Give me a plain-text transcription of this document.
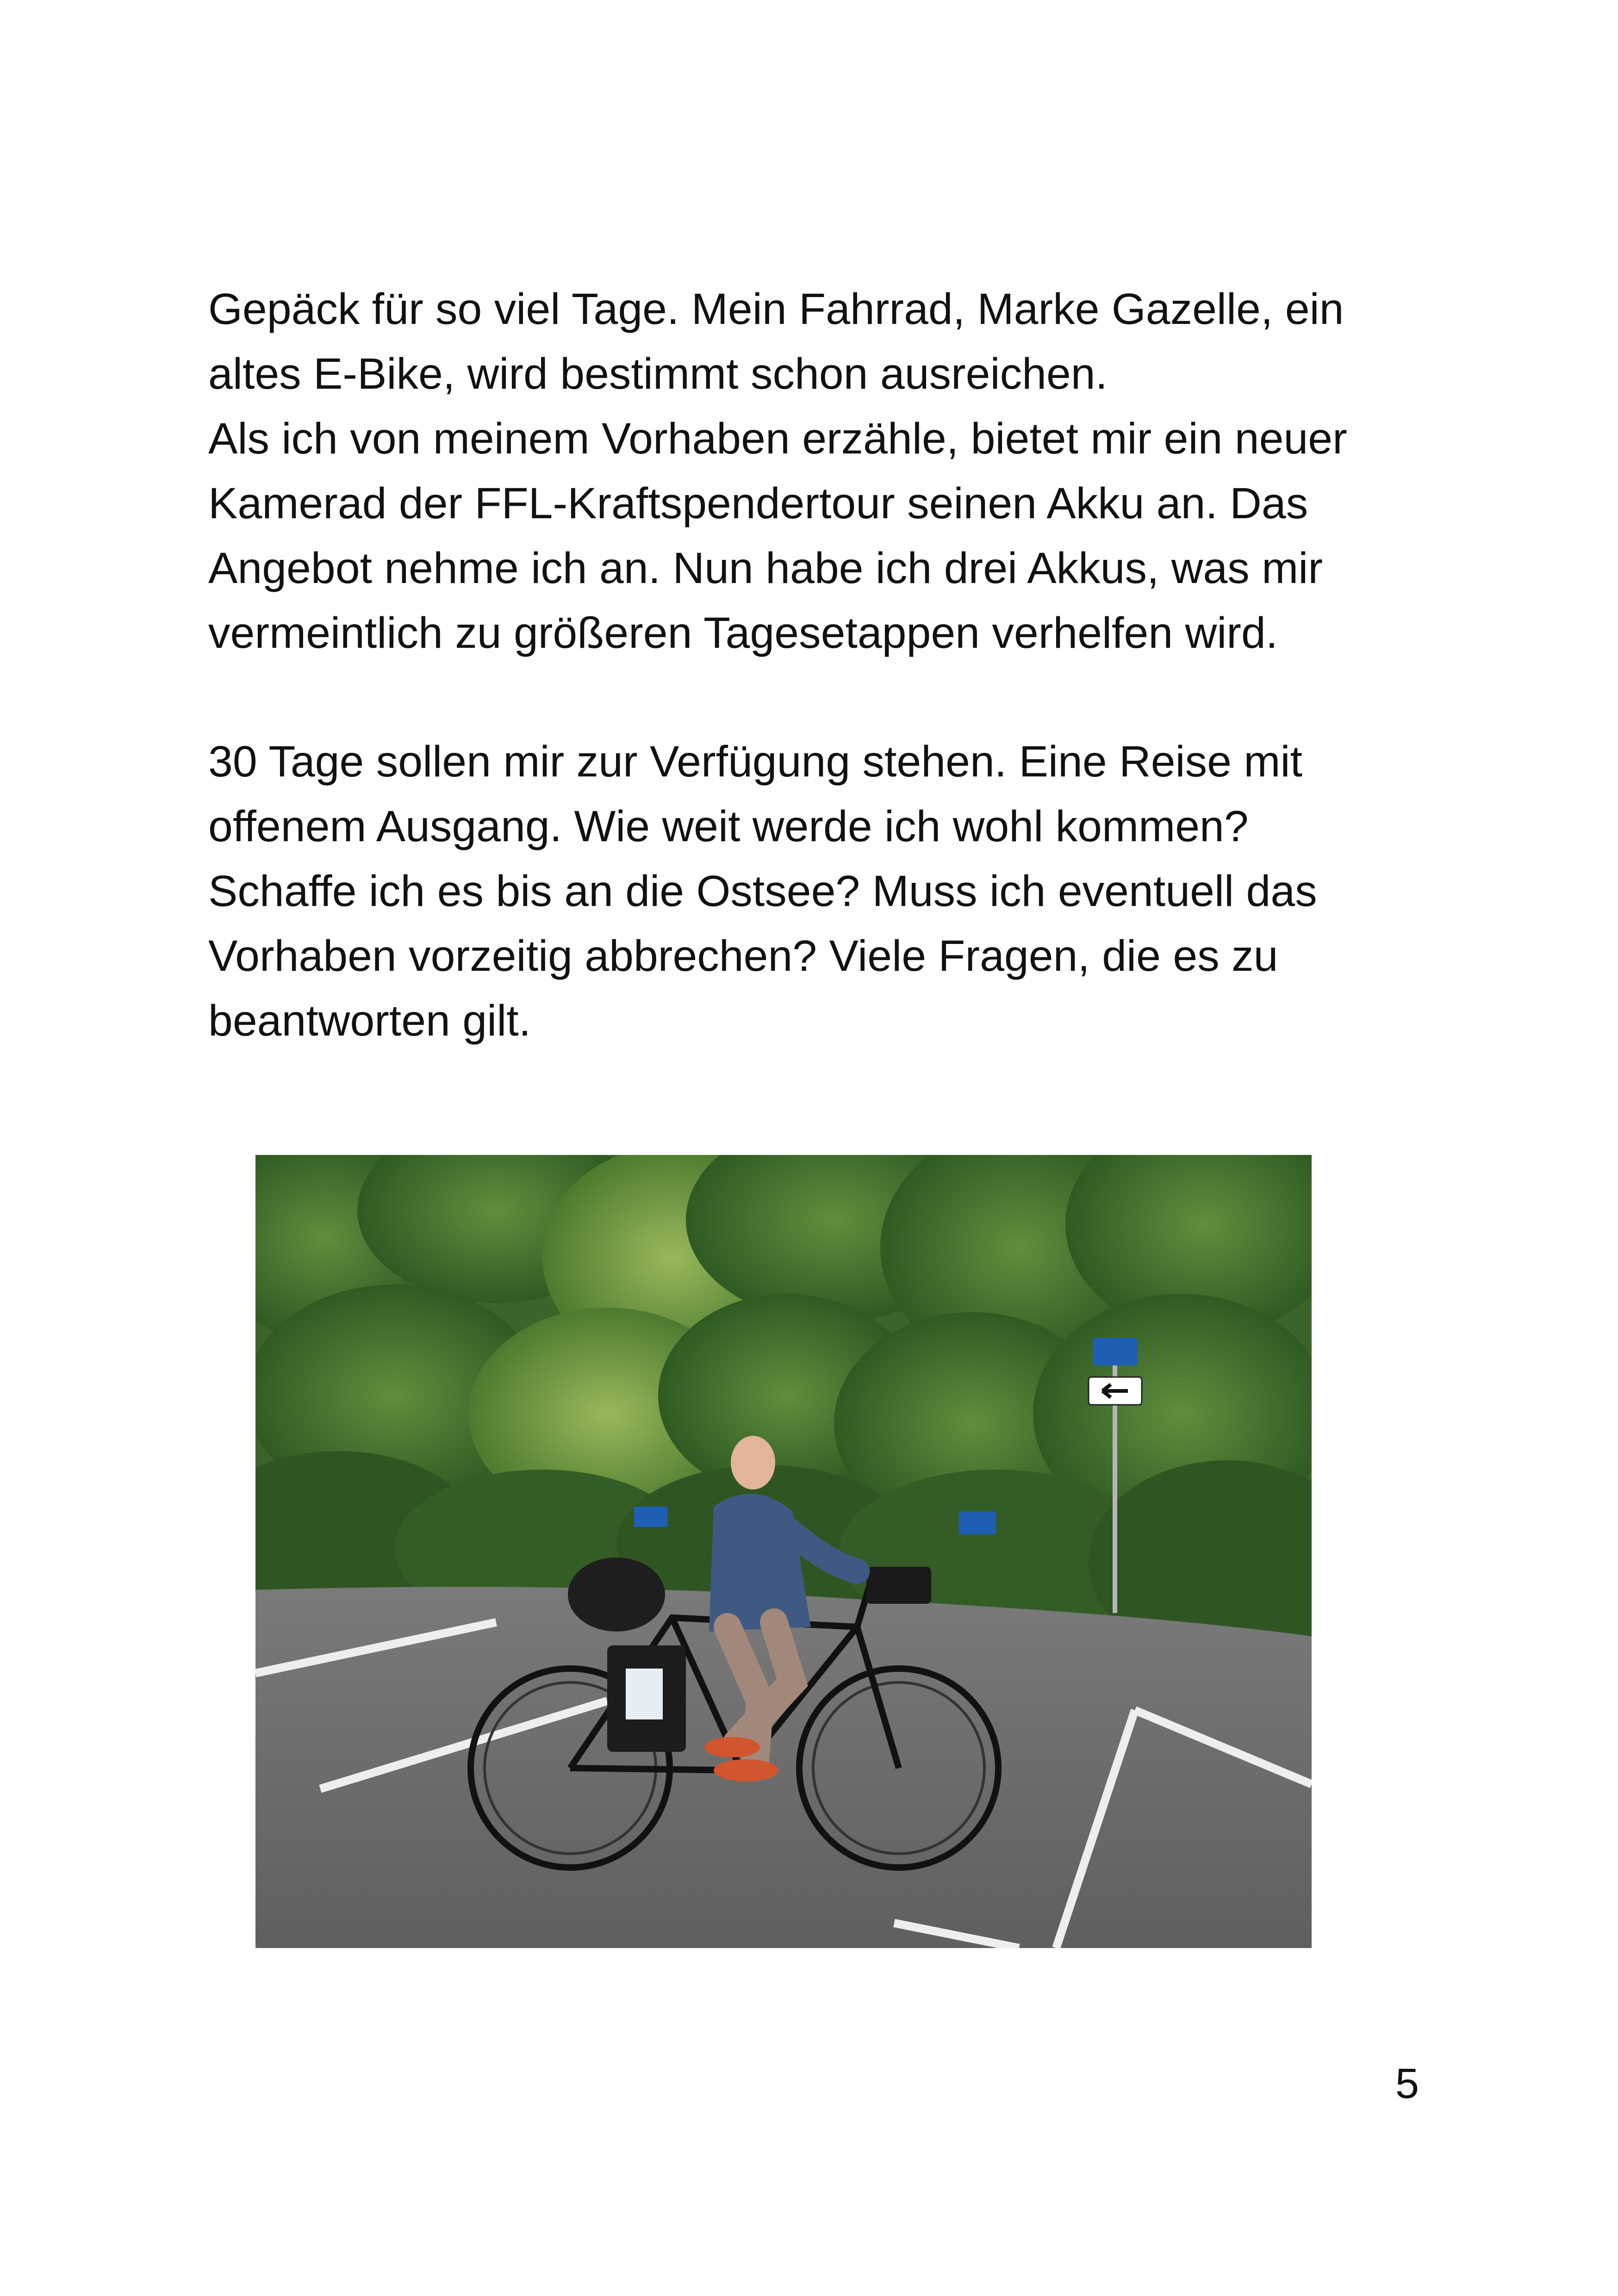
Gepäck für so viel Tage. Mein Fahrrad, Marke Gazelle, ein
altes E-Bike, wird bestimmt schon ausreichen.
Als ich von meinem Vorhaben erzähle, bietet mir ein neuer
Kamerad der FFL-Kraftspendertour seinen Akku an. Das
Angebot nehme ich an. Nun habe ich drei Akkus, was mir
vermeintlich zu größeren Tagesetappen verhelfen wird.
30 Tage sollen mir zur Verfügung stehen. Eine Reise mit
offenem Ausgang. Wie weit werde ich wohl kommen?
Schaffe ich es bis an die Ostsee? Muss ich eventuell das
Vorhaben vorzeitig abbrechen? Viele Fragen, die es zu
beantworten gilt.

5
